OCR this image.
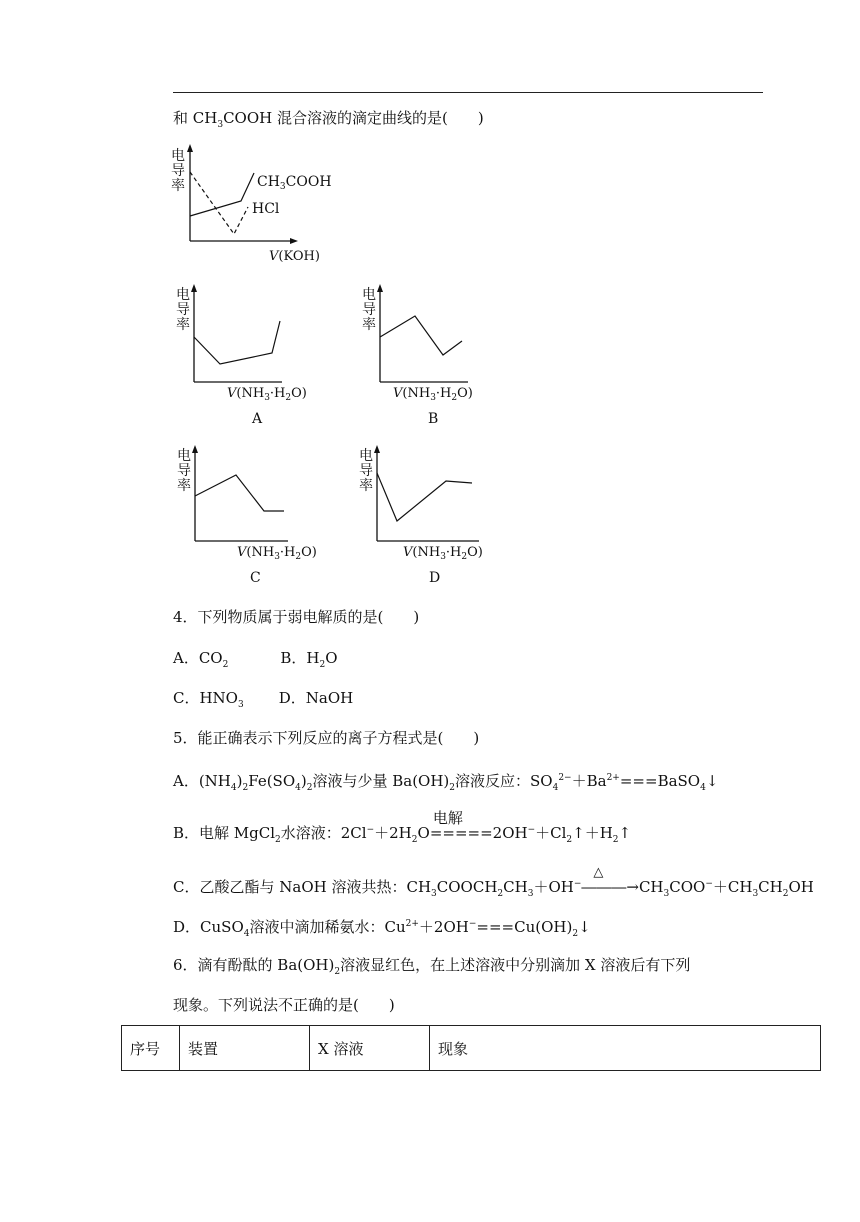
和 $CH_3COOH$ 混合溶液的滴定曲线的是(　　)
电
导
率	$CH_3COOH$
HCl
V(KOH)
电
导
率
$V(NH_3\cdot H_2O)$
A
电
导
率
$V(NH_3\cdot H_2O)$
B
电
导
率
$V(NH_3\cdot H_2O)$
C
电
导
率
$V(NH_3\cdot H_2O)$
D
4．下列物质属于弱电解质的是(　　)
A．$CO_2$	B．$H_2O$
C．$HNO_3$ D．NaOH
5．能正确表示下列反应的离子方程式是(　　)
A．$(NH_4)_2Fe(SO_4)_2$溶液与少量 $Ba(OH)_2$溶液反应：$SO_4^{2-}+Ba^{2+}===BaSO_4↓$
B．电解 MgCl$_2$水溶液：$2Cl^-+2H_2O$
电解
$=====2OH^-+Cl_2↑+H_2↑$
C．乙酸乙酯与 NaOH 溶液共热：$CH_3COOCH_2CH_3+OH^-$
△
$―――\to CH_3COO^-+CH_3CH_2OH$
D．CuSO$_4$溶液中滴加稀氨水：$Cu^{2+}+2OH^-===Cu(OH)_2↓$
6．滴有酚酞的 $Ba(OH)_2$溶液显红色，在上述溶液中分别滴加 X 溶液后有下列
现象。下列说法不正确的是(　　)
序号	装置	X 溶液	现象
